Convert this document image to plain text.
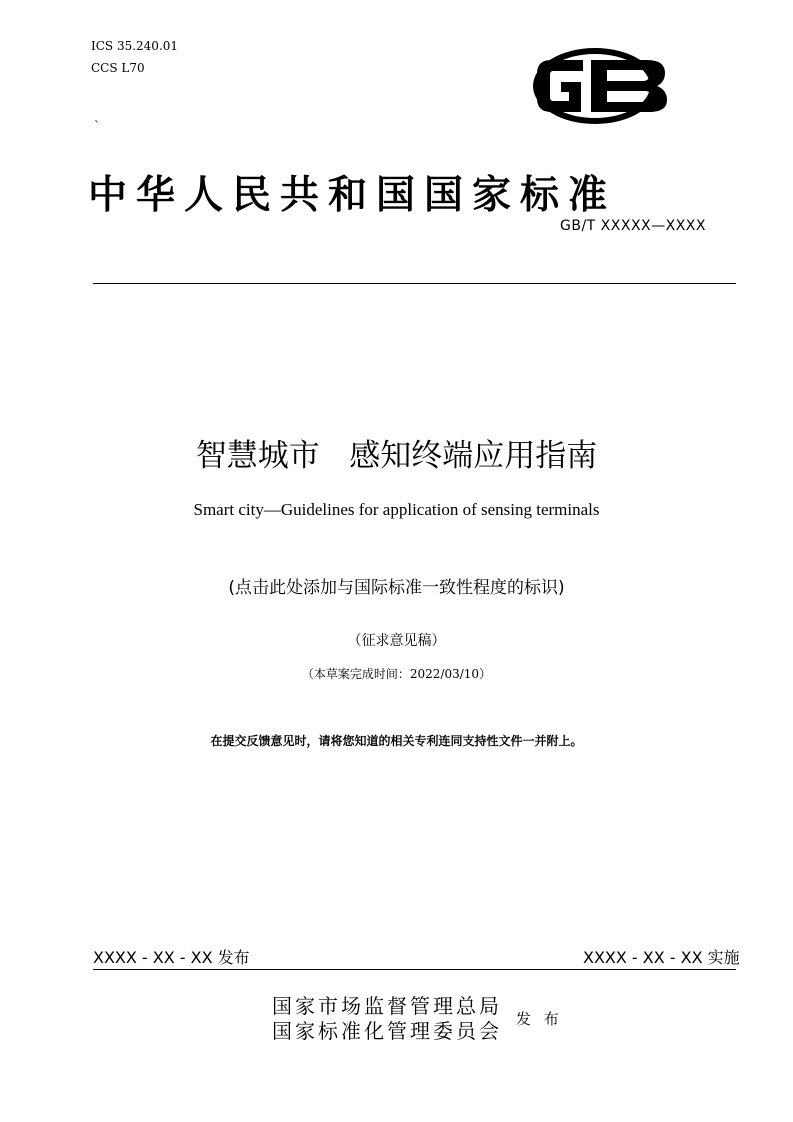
ICS 35.240.01
CCS L70
`
中华人民共和国国家标准
GB/T XXXXX—XXXX
智慧城市   感知终端应用指南
Smart city—Guidelines for application of sensing terminals
(点击此处添加与国际标准一致性程度的标识)
（征求意见稿）
（本草案完成时间：2022/03/10）
在提交反馈意见时，请将您知道的相关专利连同支持性文件一并附上。
XXXX - XX - XX 发布	XXXX - XX - XX 实施
国家市场监督管理总局
国家标准化管理委员会 发 布
